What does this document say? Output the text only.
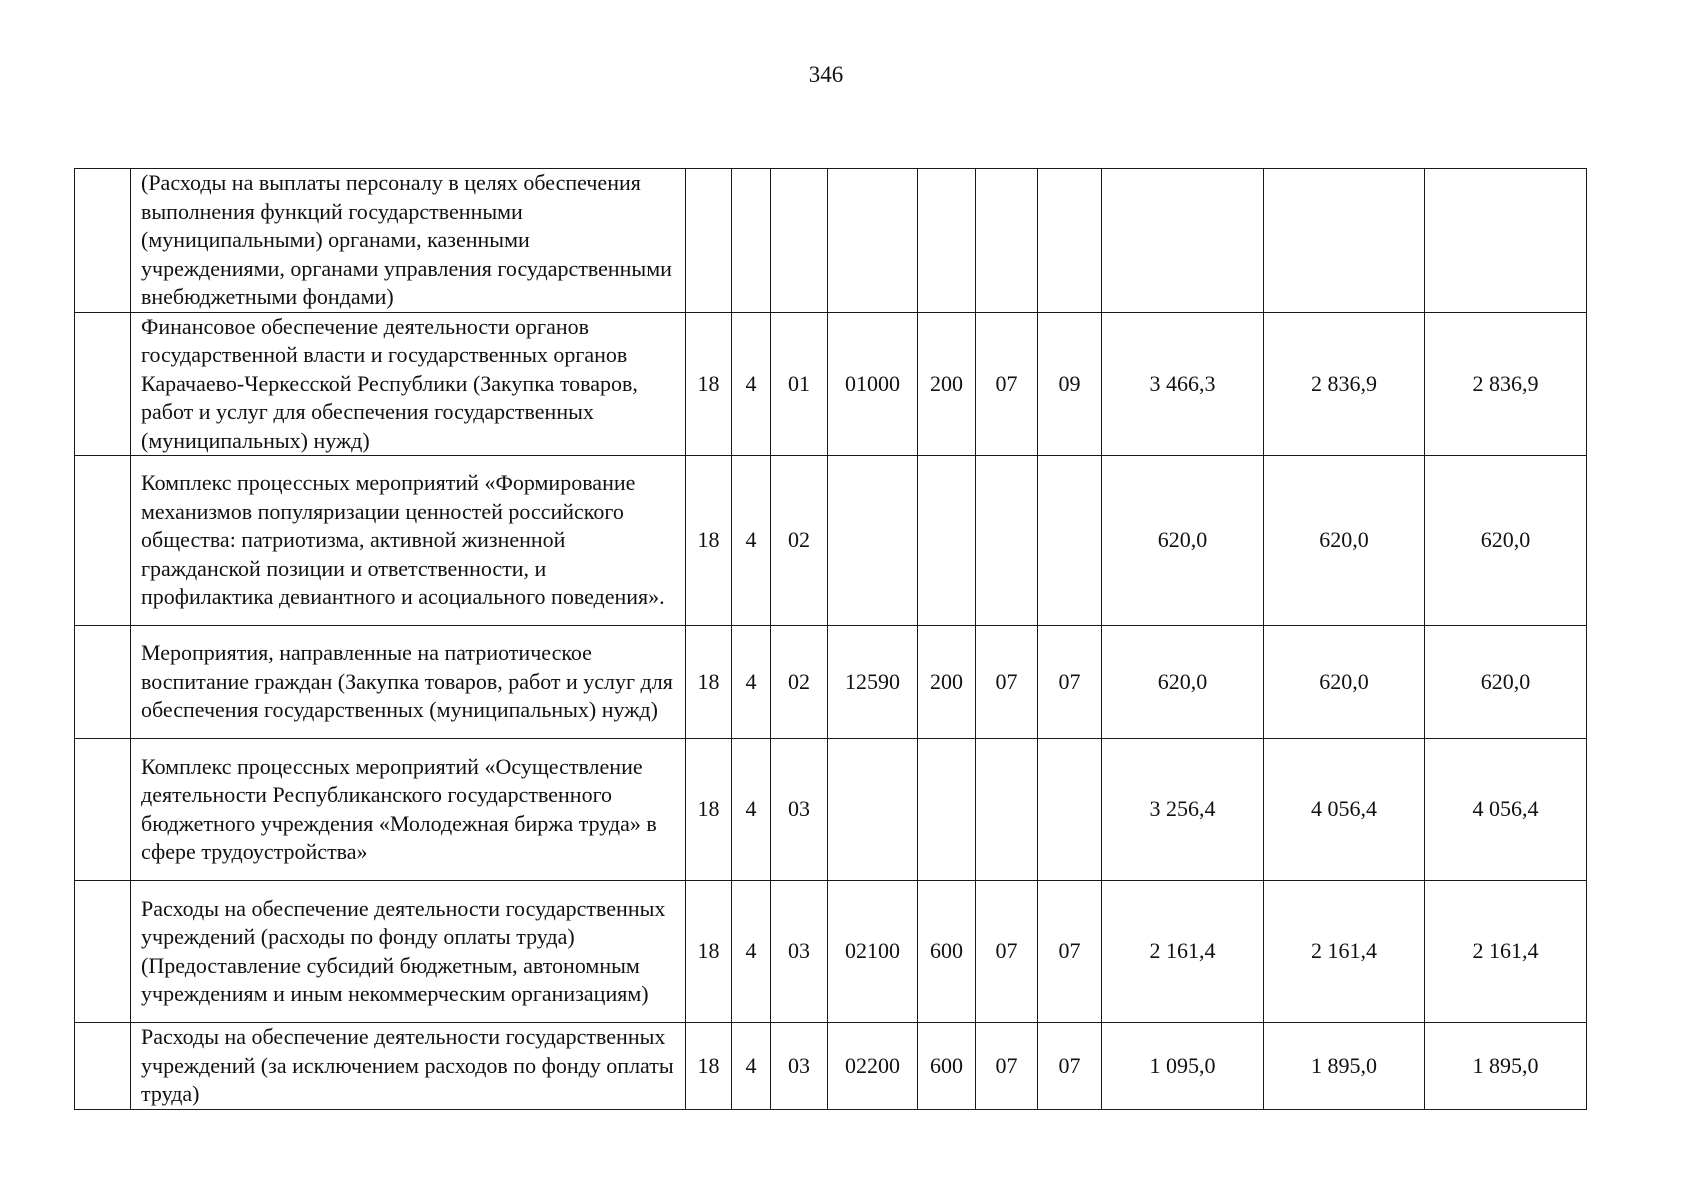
346
	(Расходы на выплаты персоналу в целях обеспечения выполнения функций государственными (муниципальными) органами, казенными учреждениями, органами управления государственными внебюджетными фондами)										
	Финансовое обеспечение деятельности органов государственной власти и государственных органов Карачаево-Черкесской Республики (Закупка товаров, работ и услуг для обеспечения государственных (муниципальных) нужд)	18	4	01	01000	200	07	09	3 466,3	2 836,9	2 836,9
	Комплекс процессных мероприятий «Формирование механизмов популяризации ценностей российского общества: патриотизма, активной жизненной гражданской позиции и ответственности, и профилактика девиантного и асоциального поведения».	18	4	02					620,0	620,0	620,0
	Мероприятия, направленные на патриотическое воспитание граждан (Закупка товаров, работ и услуг для обеспечения государственных (муниципальных) нужд)	18	4	02	12590	200	07	07	620,0	620,0	620,0
	Комплекс процессных мероприятий «Осуществление деятельности Республиканского государственного бюджетного учреждения «Молодежная биржа труда» в сфере трудоустройства»	18	4	03					3 256,4	4 056,4	4 056,4
	Расходы на обеспечение деятельности государственных учреждений (расходы по фонду оплаты труда) (Предоставление субсидий бюджетным, автономным учреждениям и иным некоммерческим организациям)	18	4	03	02100	600	07	07	2 161,4	2 161,4	2 161,4
	Расходы на обеспечение деятельности государственных учреждений (за исключением расходов по фонду оплаты труда)	18	4	03	02200	600	07	07	1 095,0	1 895,0	1 895,0
